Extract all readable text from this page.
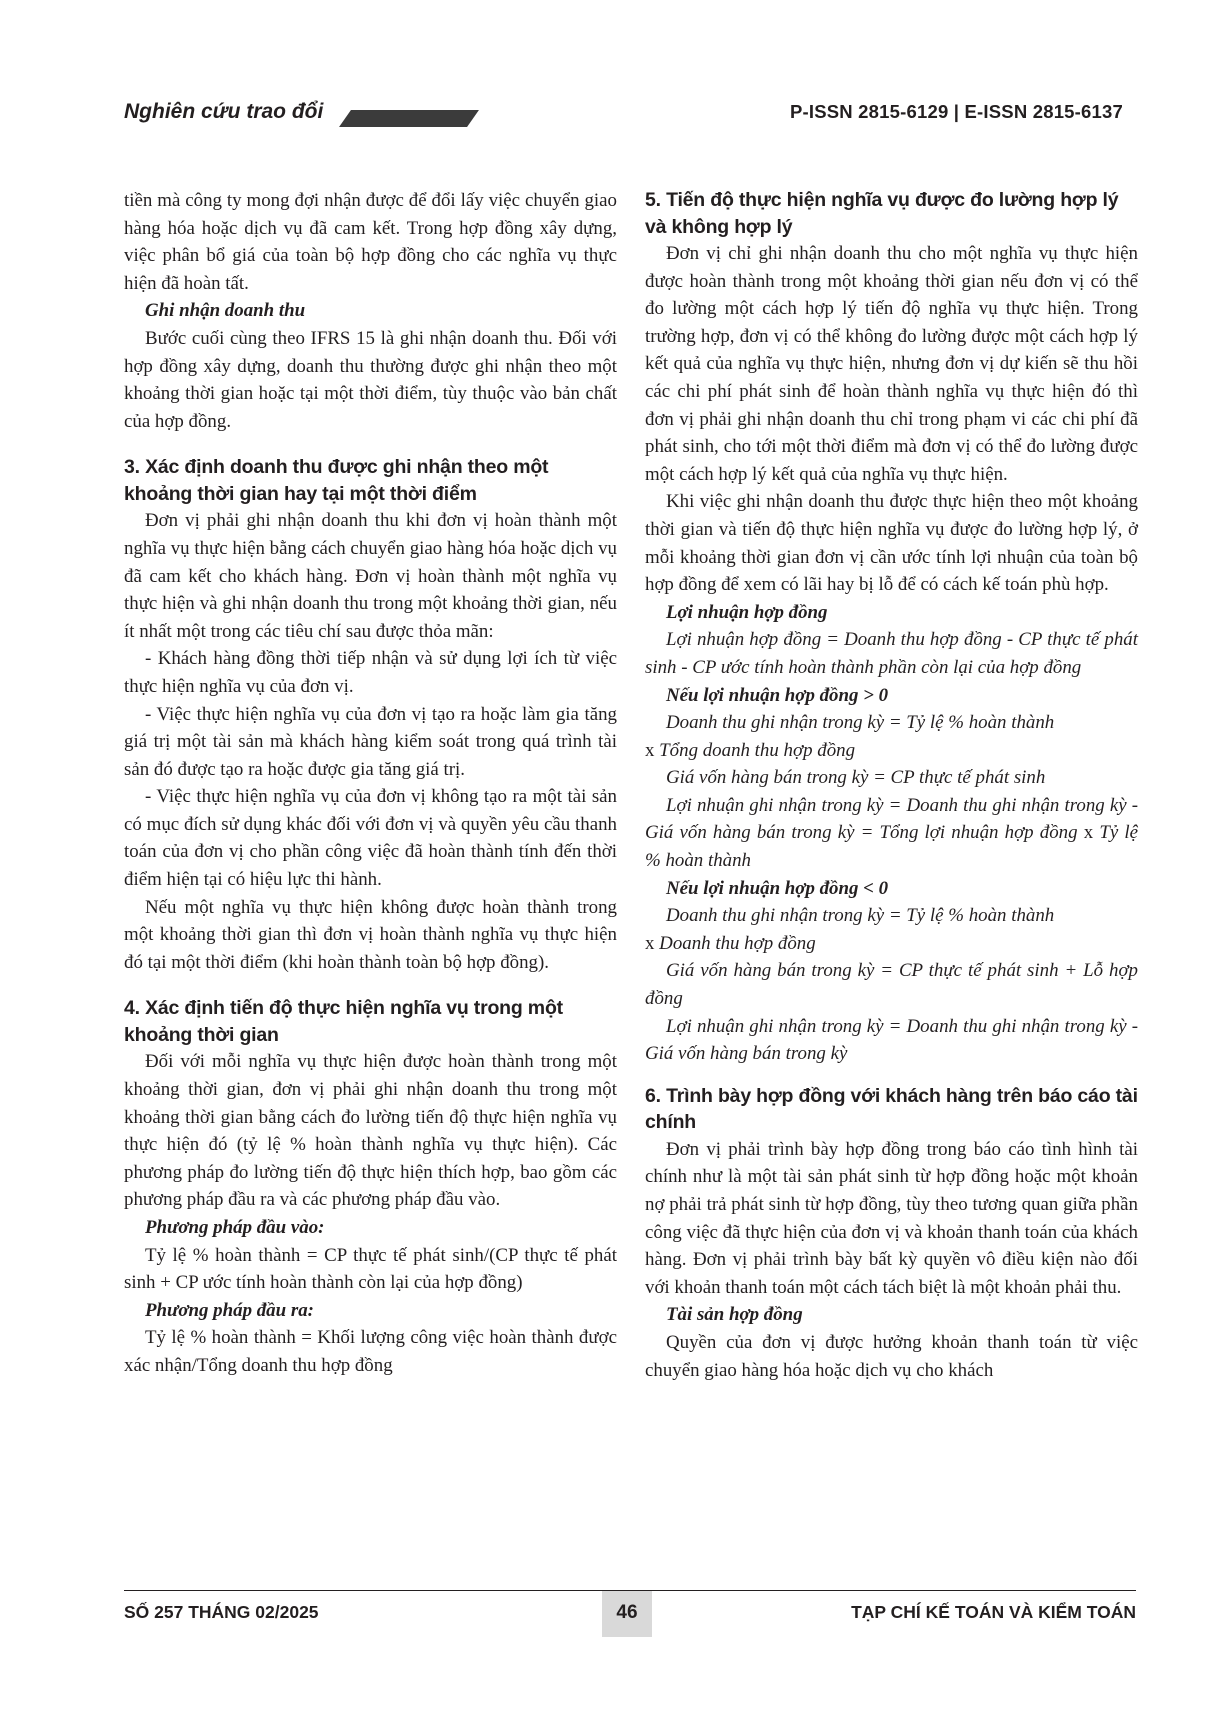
Nghiên cứu trao đổi	P-ISSN 2815-6129 | E-ISSN 2815-6137

tiền mà công ty mong đợi nhận được để đổi lấy việc chuyển giao hàng hóa hoặc dịch vụ đã cam kết. Trong hợp đồng xây dựng, việc phân bổ giá của toàn bộ hợp đồng cho các nghĩa vụ thực hiện đã hoàn tất.

Ghi nhận doanh thu

Bước cuối cùng theo IFRS 15 là ghi nhận doanh thu. Đối với hợp đồng xây dựng, doanh thu thường được ghi nhận theo một khoảng thời gian hoặc tại một thời điểm, tùy thuộc vào bản chất của hợp đồng.

3. Xác định doanh thu được ghi nhận theo một khoảng thời gian hay tại một thời điểm

Đơn vị phải ghi nhận doanh thu khi đơn vị hoàn thành một nghĩa vụ thực hiện bằng cách chuyển giao hàng hóa hoặc dịch vụ đã cam kết cho khách hàng. Đơn vị hoàn thành một nghĩa vụ thực hiện và ghi nhận doanh thu trong một khoảng thời gian, nếu ít nhất một trong các tiêu chí sau được thỏa mãn:

- Khách hàng đồng thời tiếp nhận và sử dụng lợi ích từ việc thực hiện nghĩa vụ của đơn vị.

- Việc thực hiện nghĩa vụ của đơn vị tạo ra hoặc làm gia tăng giá trị một tài sản mà khách hàng kiểm soát trong quá trình tài sản đó được tạo ra hoặc được gia tăng giá trị.

- Việc thực hiện nghĩa vụ của đơn vị không tạo ra một tài sản có mục đích sử dụng khác đối với đơn vị và quyền yêu cầu thanh toán của đơn vị cho phần công việc đã hoàn thành tính đến thời điểm hiện tại có hiệu lực thi hành.

Nếu một nghĩa vụ thực hiện không được hoàn thành trong một khoảng thời gian thì đơn vị hoàn thành nghĩa vụ thực hiện đó tại một thời điểm (khi hoàn thành toàn bộ hợp đồng).

4. Xác định tiến độ thực hiện nghĩa vụ trong một khoảng thời gian

Đối với mỗi nghĩa vụ thực hiện được hoàn thành trong một khoảng thời gian, đơn vị phải ghi nhận doanh thu trong một khoảng thời gian bằng cách đo lường tiến độ thực hiện nghĩa vụ thực hiện đó (tỷ lệ % hoàn thành nghĩa vụ thực hiện). Các phương pháp đo lường tiến độ thực hiện thích hợp, bao gồm các phương pháp đầu ra và các phương pháp đầu vào.

Phương pháp đầu vào:

Tỷ lệ % hoàn thành = CP thực tế phát sinh/(CP thực tế phát sinh + CP ước tính hoàn thành còn lại của hợp đồng)

Phương pháp đầu ra:

Tỷ lệ % hoàn thành = Khối lượng công việc hoàn thành được xác nhận/Tổng doanh thu hợp đồng

5. Tiến độ thực hiện nghĩa vụ được đo lường hợp lý và không hợp lý

Đơn vị chỉ ghi nhận doanh thu cho một nghĩa vụ thực hiện được hoàn thành trong một khoảng thời gian nếu đơn vị có thể đo lường một cách hợp lý tiến độ nghĩa vụ thực hiện. Trong trường hợp, đơn vị có thể không đo lường được một cách hợp lý kết quả của nghĩa vụ thực hiện, nhưng đơn vị dự kiến sẽ thu hồi các chi phí phát sinh để hoàn thành nghĩa vụ thực hiện đó thì đơn vị phải ghi nhận doanh thu chỉ trong phạm vi các chi phí đã phát sinh, cho tới một thời điểm mà đơn vị có thể đo lường được một cách hợp lý kết quả của nghĩa vụ thực hiện.

Khi việc ghi nhận doanh thu được thực hiện theo một khoảng thời gian và tiến độ thực hiện nghĩa vụ được đo lường hợp lý, ở mỗi khoảng thời gian đơn vị cần ước tính lợi nhuận của toàn bộ hợp đồng để xem có lãi hay bị lỗ để có cách kế toán phù hợp.

Lợi nhuận hợp đồng

Lợi nhuận hợp đồng = Doanh thu hợp đồng - CP thực tế phát sinh - CP ước tính hoàn thành phần còn lại của hợp đồng

Nếu lợi nhuận hợp đồng > 0

Doanh thu ghi nhận trong kỳ = Tỷ lệ % hoàn thành

x Tổng doanh thu hợp đồng

Giá vốn hàng bán trong kỳ = CP thực tế phát sinh

Lợi nhuận ghi nhận trong kỳ = Doanh thu ghi nhận trong kỳ - Giá vốn hàng bán trong kỳ = Tổng lợi nhuận hợp đồng x Tỷ lệ % hoàn thành

Nếu lợi nhuận hợp đồng < 0

Doanh thu ghi nhận trong kỳ = Tỷ lệ % hoàn thành

x Doanh thu hợp đồng

Giá vốn hàng bán trong kỳ = CP thực tế phát sinh + Lỗ hợp đồng

Lợi nhuận ghi nhận trong kỳ = Doanh thu ghi nhận trong kỳ - Giá vốn hàng bán trong kỳ

6. Trình bày hợp đồng với khách hàng trên báo cáo tài chính

Đơn vị phải trình bày hợp đồng trong báo cáo tình hình tài chính như là một tài sản phát sinh từ hợp đồng hoặc một khoản nợ phải trả phát sinh từ hợp đồng, tùy theo tương quan giữa phần công việc đã thực hiện của đơn vị và khoản thanh toán của khách hàng. Đơn vị phải trình bày bất kỳ quyền vô điều kiện nào đối với khoản thanh toán một cách tách biệt là một khoản phải thu.

Tài sản hợp đồng

Quyền của đơn vị được hưởng khoản thanh toán từ việc chuyển giao hàng hóa hoặc dịch vụ cho khách

SỐ 257 THÁNG 02/2025	46	TẠP CHÍ KẾ TOÁN VÀ KIỂM TOÁN
